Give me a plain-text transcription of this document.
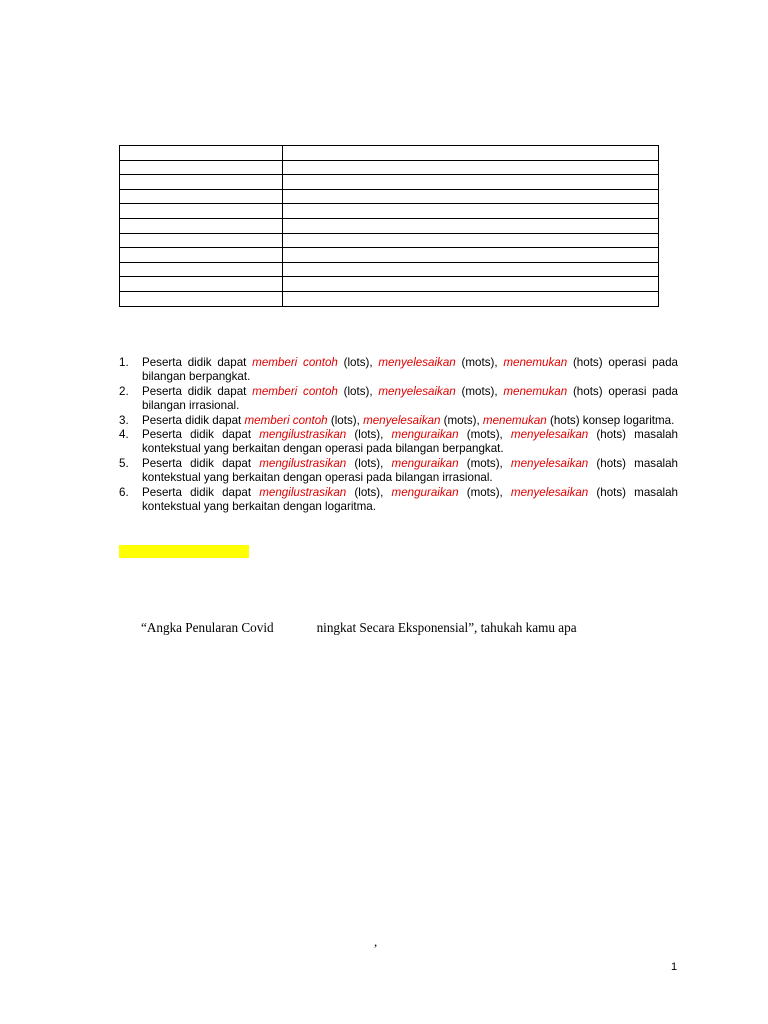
1.	Peserta didik dapat memberi contoh (lots), menyelesaikan (mots), menemukan (hots) operasi pada bilangan berpangkat.
2.	Peserta didik dapat memberi contoh (lots), menyelesaikan (mots), menemukan (hots) operasi pada bilangan irrasional.
3.	Peserta didik dapat memberi contoh (lots), menyelesaikan (mots), menemukan (hots) konsep logaritma.
4.	Peserta didik dapat mengilustrasikan (lots), menguraikan (mots), menyelesaikan (hots) masalah kontekstual yang berkaitan dengan operasi pada bilangan berpangkat.
5.	Peserta didik dapat mengilustrasikan (lots), menguraikan (mots), menyelesaikan (hots) masalah kontekstual yang berkaitan dengan operasi pada bilangan irrasional.
6.	Peserta didik dapat mengilustrasikan (lots), menguraikan (mots), menyelesaikan (hots) masalah kontekstual yang berkaitan dengan logaritma.
“Angka Penularan Covid	ningkat Secara Eksponensial”, tahukah kamu apa
,
1
